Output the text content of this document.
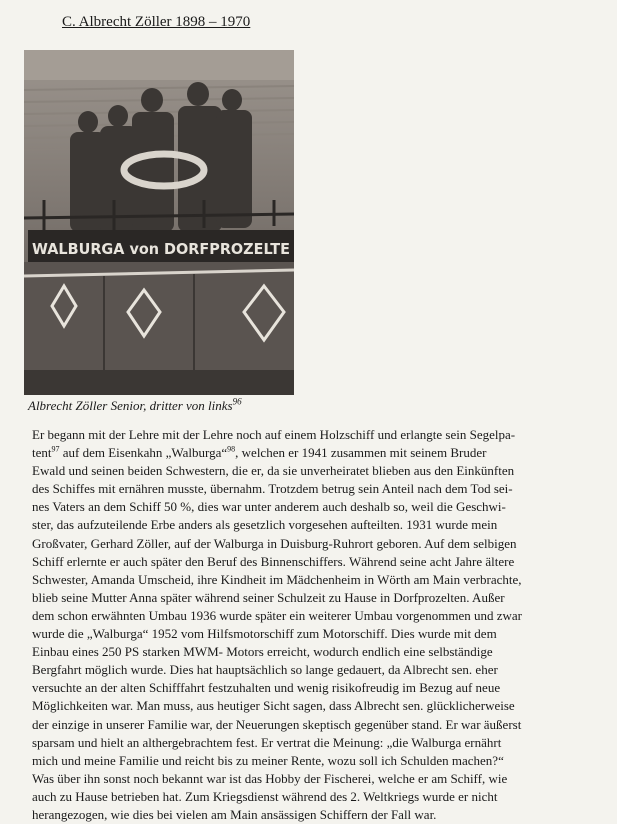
C. Albrecht Zöller 1898 – 1970
WALBURGA von DORFPROZELTE
Albrecht Zöller Senior, dritter von links$^{96}$
Er begann mit der Lehre mit der Lehre noch auf einem Holzschiff und erlangte sein Segelpa-
tent$^{97}$ auf dem Eisenkahn „Walburga“$^{98}$, welchen er 1941 zusammen mit seinem Bruder
Ewald und seinen beiden Schwestern, die er, da sie unverheiratet blieben aus den Einkünften
des Schiffes mit ernähren musste, übernahm. Trotzdem betrug sein Anteil nach dem Tod sei-
nes Vaters an dem Schiff 50 %, dies war unter anderem auch deshalb so, weil die Geschwi-
ster, das aufzuteilende Erbe anders als gesetzlich vorgesehen aufteilten. 1931 wurde mein
Großvater, Gerhard Zöller, auf der Walburga in Duisburg-Ruhrort geboren. Auf dem selbigen
Schiff erlernte er auch später den Beruf des Binnenschiffers. Während seine acht Jahre ältere
Schwester, Amanda Umscheid, ihre Kindheit im Mädchenheim in Wörth am Main verbrachte,
blieb seine Mutter Anna später während seiner Schulzeit zu Hause in Dorfprozelten. Außer
dem schon erwähnten Umbau 1936 wurde später ein weiterer Umbau vorgenommen und zwar
wurde die „Walburga“ 1952 vom Hilfsmotorschiff zum Motorschiff. Dies wurde mit dem
Einbau eines 250 PS starken MWM- Motors erreicht, wodurch endlich eine selbständige
Bergfahrt möglich wurde. Dies hat hauptsächlich so lange gedauert, da Albrecht sen. eher
versuchte an der alten Schifffahrt festzuhalten und wenig risikofreudig im Bezug auf neue
Möglichkeiten war. Man muss, aus heutiger Sicht sagen, dass Albrecht sen. glücklicherweise
der einzige in unserer Familie war, der Neuerungen skeptisch gegenüber stand. Er war äußerst
sparsam und hielt an althergebrachtem fest. Er vertrat die Meinung: „die Walburga ernährt
mich und meine Familie und reicht bis zu meiner Rente, wozu soll ich Schulden machen?“
Was über ihn sonst noch bekannt war ist das Hobby der Fischerei, welche er am Schiff, wie
auch zu Hause betrieben hat. Zum Kriegsdienst während des 2. Weltkriegs wurde er nicht
herangezogen, wie dies bei vielen am Main ansässigen Schiffern der Fall war.
